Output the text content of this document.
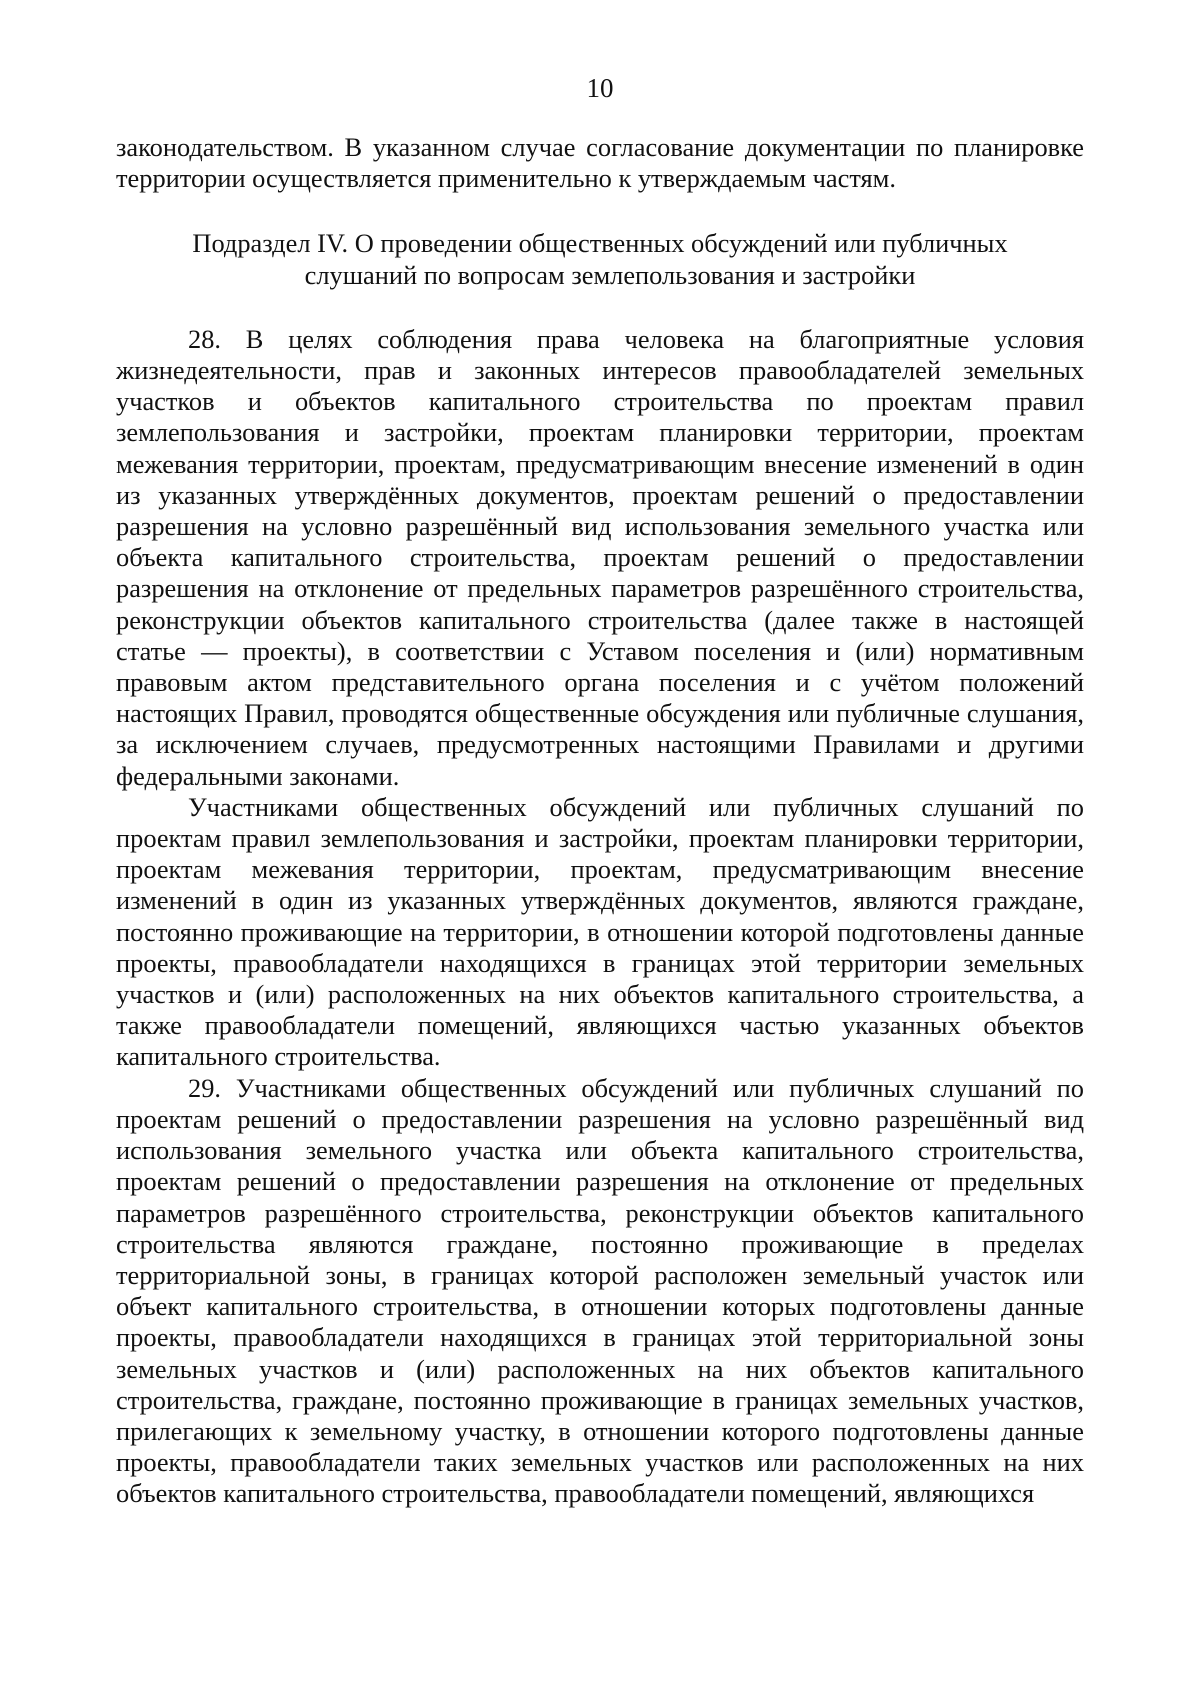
10

законодательством. В указанном случае согласование документации по планировке территории осуществляется применительно к утверждаемым частям.

Подраздел IV. О проведении общественных обсуждений или публичных
слушаний по вопросам землепользования и застройки

28. В целях соблюдения права человека на благоприятные условия жизнедеятельности, прав и законных интересов правообладателей земельных участков и объектов капитального строительства по проектам правил землепользования и застройки, проектам планировки территории, проектам межевания территории, проектам, предусматривающим внесение изменений в один из указанных утверждённых документов, проектам решений о предоставлении разрешения на условно разрешённый вид использования земельного участка или объекта капитального строительства, проектам решений о предоставлении разрешения на отклонение от предельных параметров разрешённого строительства, реконструкции объектов капитального строительства (далее также в настоящей статье — проекты), в соответствии с Уставом поселения и (или) нормативным правовым актом представительного органа поселения и с учётом положений настоящих Правил, проводятся общественные обсуждения или публичные слушания, за исключением случаев, предусмотренных настоящими Правилами и другими федеральными законами.

Участниками общественных обсуждений или публичных слушаний по проектам правил землепользования и застройки, проектам планировки территории, проектам межевания территории, проектам, предусматривающим внесение изменений в один из указанных утверждённых документов, являются граждане, постоянно проживающие на территории, в отношении которой подготовлены данные проекты, правообладатели находящихся в границах этой территории земельных участков и (или) расположенных на них объектов капитального строительства, а также правообладатели помещений, являющихся частью указанных объектов капитального строительства.

29. Участниками общественных обсуждений или публичных слушаний по проектам решений о предоставлении разрешения на условно разрешённый вид использования земельного участка или объекта капитального строительства, проектам решений о предоставлении разрешения на отклонение от предельных параметров разрешённого строительства, реконструкции объектов капитального строительства являются граждане, постоянно проживающие в пределах территориальной зоны, в границах которой расположен земельный участок или объект капитального строительства, в отношении которых подготовлены данные проекты, правообладатели находящихся в границах этой территориальной зоны земельных участков и (или) расположенных на них объектов капитального строительства, граждане, постоянно проживающие в границах земельных участков, прилегающих к земельному участку, в отношении которого подготовлены данные проекты, правообладатели таких земельных участков или расположенных на них объектов капитального строительства, правообладатели помещений, являющихся
